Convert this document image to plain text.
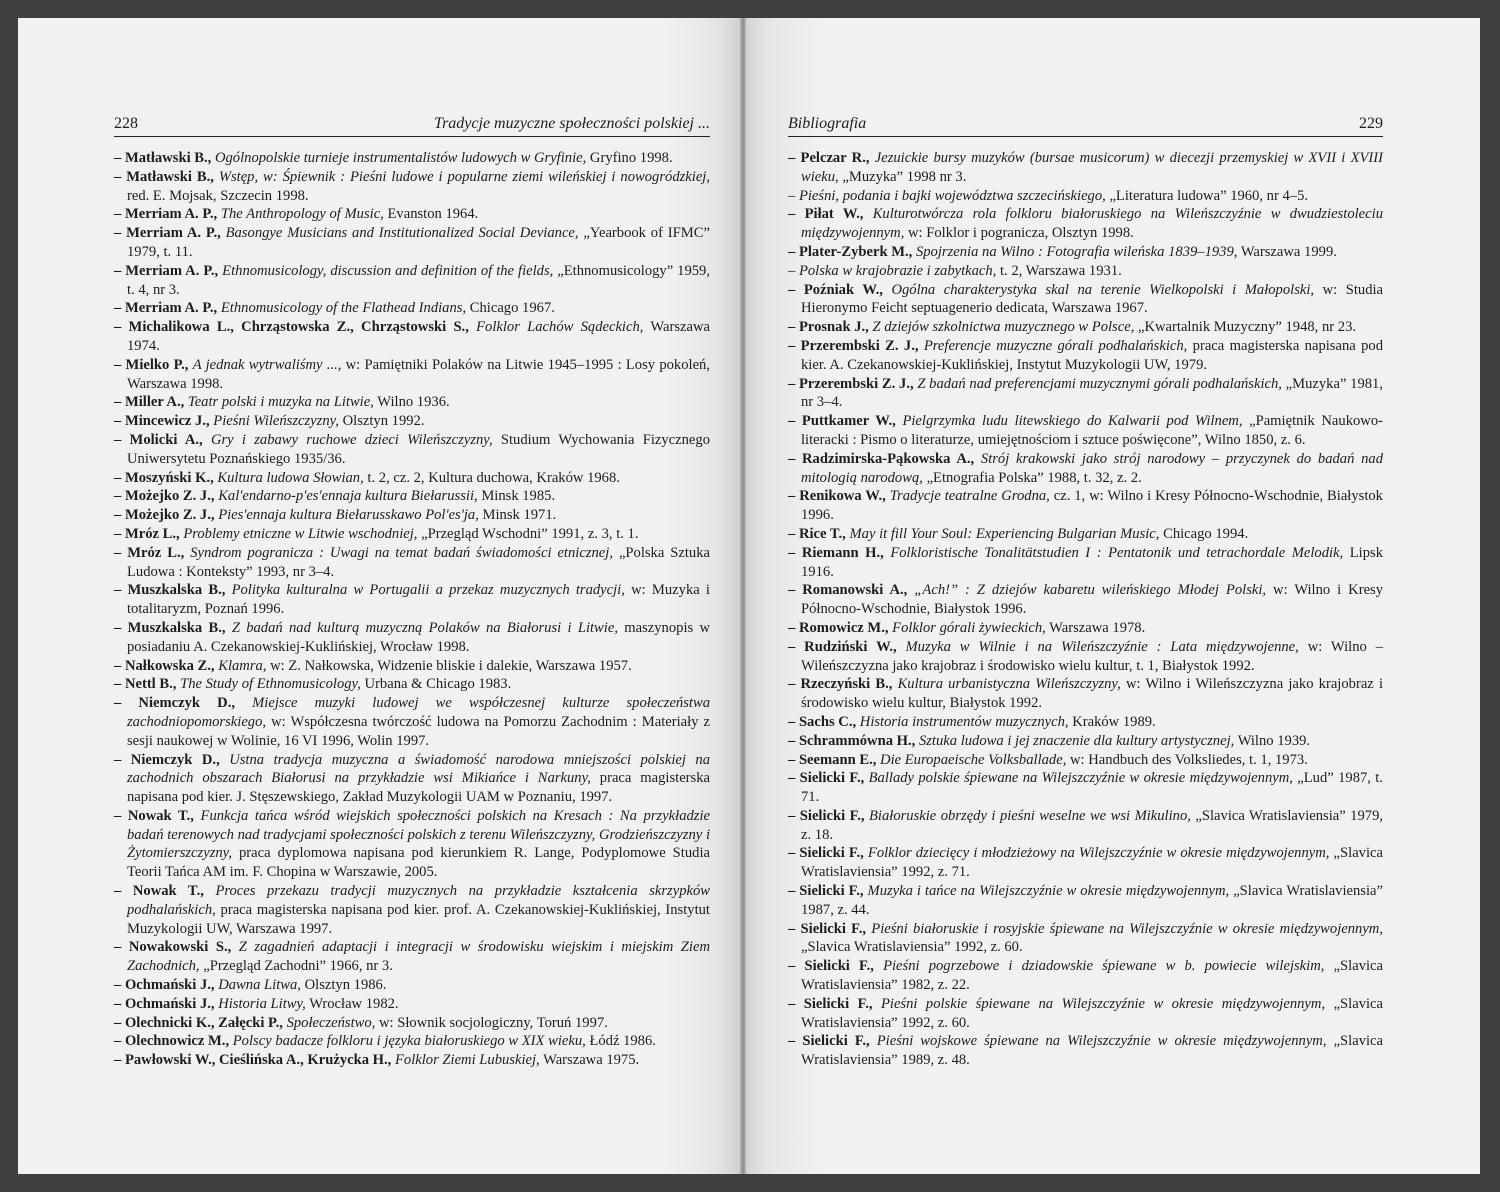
228	Tradycje muzyczne społeczności polskiej ...

– Matławski B., Ogólnopolskie turnieje instrumentalistów ludowych w Gryfinie, Gryfino 1998.

– Matławski B., Wstęp, w: Śpiewnik : Pieśni ludowe i popularne ziemi wileńskiej i nowogródzkiej, red. E. Mojsak, Szczecin 1998.

– Merriam A. P., The Anthropology of Music, Evanston 1964.

– Merriam A. P., Basongye Musicians and Institutionalized Social Deviance, „Yearbook of IFMC” 1979, t. 11.

– Merriam A. P., Ethnomusicology, discussion and definition of the fields, „Ethnomusicology” 1959, t. 4, nr 3.

– Merriam A. P., Ethnomusicology of the Flathead Indians, Chicago 1967.

– Michalikowa L., Chrząstowska Z., Chrząstowski S., Folklor Lachów Sądeckich, Warszawa 1974.

– Mielko P., A jednak wytrwaliśmy ..., w: Pamiętniki Polaków na Litwie 1945–1995 : Losy pokoleń, Warszawa 1998.

– Miller A., Teatr polski i muzyka na Litwie, Wilno 1936.

– Mincewicz J., Pieśni Wileńszczyzny, Olsztyn 1992.

– Molicki A., Gry i zabawy ruchowe dzieci Wileńszczyzny, Studium Wychowania Fizycznego Uniwersytetu Poznańskiego 1935/36.

– Moszyński K., Kultura ludowa Słowian, t. 2, cz. 2, Kultura duchowa, Kraków 1968.

– Możejko Z. J., Kal'endarno-p'es'ennaja kultura Biełarussii, Minsk 1985.

– Możejko Z. J., Pies'ennaja kultura Biełarusskawo Pol'es'ja, Minsk 1971.

– Mróz L., Problemy etniczne w Litwie wschodniej, „Przegląd Wschodni” 1991, z. 3, t. 1.

– Mróz L., Syndrom pogranicza : Uwagi na temat badań świadomości etnicznej, „Polska Sztuka Ludowa : Konteksty” 1993, nr 3–4.

– Muszkalska B., Polityka kulturalna w Portugalii a przekaz muzycznych tradycji, w: Muzyka i totalitaryzm, Poznań 1996.

– Muszkalska B., Z badań nad kulturą muzyczną Polaków na Białorusi i Litwie, maszynopis w posiadaniu A. Czekanowskiej-Kuklińskiej, Wrocław 1998.

– Nałkowska Z., Klamra, w: Z. Nałkowska, Widzenie bliskie i dalekie, Warszawa 1957.

– Nettl B., The Study of Ethnomusicology, Urbana & Chicago 1983.

– Niemczyk D., Miejsce muzyki ludowej we współczesnej kulturze społeczeństwa zachodniopomorskiego, w: Współczesna twórczość ludowa na Pomorzu Zachodnim : Materiały z sesji naukowej w Wolinie, 16 VI 1996, Wolin 1997.

– Niemczyk D., Ustna tradycja muzyczna a świadomość narodowa mniejszości polskiej na zachodnich obszarach Białorusi na przykładzie wsi Mikiańce i Narkuny, praca magisterska napisana pod kier. J. Stęszewskiego, Zakład Muzykologii UAM w Poznaniu, 1997.

– Nowak T., Funkcja tańca wśród wiejskich społeczności polskich na Kresach : Na przykładzie badań terenowych nad tradycjami społeczności polskich z terenu Wileńszczyzny, Grodzieńszczyzny i Żytomierszczyzny, praca dyplomowa napisana pod kierunkiem R. Lange, Podyplomowe Studia Teorii Tańca AM im. F. Chopina w Warszawie, 2005.

– Nowak T., Proces przekazu tradycji muzycznych na przykładzie kształcenia skrzypków podhalańskich, praca magisterska napisana pod kier. prof. A. Czekanowskiej-Kuklińskiej, Instytut Muzykologii UW, Warszawa 1997.

– Nowakowski S., Z zagadnień adaptacji i integracji w środowisku wiejskim i miejskim Ziem Zachodnich, „Przegląd Zachodni” 1966, nr 3.

– Ochmański J., Dawna Litwa, Olsztyn 1986.

– Ochmański J., Historia Litwy, Wrocław 1982.

– Olechnicki K., Załęcki P., Społeczeństwo, w: Słownik socjologiczny, Toruń 1997.

– Olechnowicz M., Polscy badacze folkloru i języka białoruskiego w XIX wieku, Łódź 1986.

– Pawłowski W., Cieślińska A., Krużycka H., Folklor Ziemi Lubuskiej, Warszawa 1975.

Bibliografia	229

– Pelczar R., Jezuickie bursy muzyków (bursae musicorum) w diecezji przemyskiej w XVII i XVIII wieku, „Muzyka” 1998 nr 3.

– Pieśni, podania i bajki województwa szczecińskiego, „Literatura ludowa” 1960, nr 4–5.

– Piłat W., Kulturotwórcza rola folkloru białoruskiego na Wileńszczyźnie w dwudziestoleciu międzywojennym, w: Folklor i pogranicza, Olsztyn 1998.

– Plater-Zyberk M., Spojrzenia na Wilno : Fotografia wileńska 1839–1939, Warszawa 1999.

– Polska w krajobrazie i zabytkach, t. 2, Warszawa 1931.

– Poźniak W., Ogólna charakterystyka skal na terenie Wielkopolski i Małopolski, w: Studia Hieronymo Feicht septuagenerio dedicata, Warszawa 1967.

– Prosnak J., Z dziejów szkolnictwa muzycznego w Polsce, „Kwartalnik Muzyczny” 1948, nr 23.

– Przerembski Z. J., Preferencje muzyczne górali podhalańskich, praca magisterska napisana pod kier. A. Czekanowskiej-Kuklińskiej, Instytut Muzykologii UW, 1979.

– Przerembski Z. J., Z badań nad preferencjami muzycznymi górali podhalańskich, „Muzyka” 1981, nr 3–4.

– Puttkamer W., Pielgrzymka ludu litewskiego do Kalwarii pod Wilnem, „Pamiętnik Naukowo-literacki : Pismo o literaturze, umiejętnościom i sztuce poświęcone”, Wilno 1850, z. 6.

– Radzimirska-Pąkowska A., Strój krakowski jako strój narodowy – przyczynek do badań nad mitologią narodową, „Etnografia Polska” 1988, t. 32, z. 2.

– Renikowa W., Tradycje teatralne Grodna, cz. 1, w: Wilno i Kresy Północno-Wschodnie, Białystok 1996.

– Rice T., May it fill Your Soul: Experiencing Bulgarian Music, Chicago 1994.

– Riemann H., Folkloristische Tonalitätstudien I : Pentatonik und tetrachordale Melodik, Lipsk 1916.

– Romanowski A., „Ach!” : Z dziejów kabaretu wileńskiego Młodej Polski, w: Wilno i Kresy Północno-Wschodnie, Białystok 1996.

– Romowicz M., Folklor górali żywieckich, Warszawa 1978.

– Rudziński W., Muzyka w Wilnie i na Wileńszczyźnie : Lata międzywojenne, w: Wilno – Wileńszczyzna jako krajobraz i środowisko wielu kultur, t. 1, Białystok 1992.

– Rzeczyński B., Kultura urbanistyczna Wileńszczyzny, w: Wilno i Wileńszczyzna jako krajobraz i środowisko wielu kultur, Białystok 1992.

– Sachs C., Historia instrumentów muzycznych, Kraków 1989.

– Schrammówna H., Sztuka ludowa i jej znaczenie dla kultury artystycznej, Wilno 1939.

– Seemann E., Die Europaeische Volksballade, w: Handbuch des Volksliedes, t. 1, 1973.

– Sielicki F., Ballady polskie śpiewane na Wilejszczyźnie w okresie międzywojennym, „Lud” 1987, t. 71.

– Sielicki F., Białoruskie obrzędy i pieśni weselne we wsi Mikulino, „Slavica Wratislaviensia” 1979, z. 18.

– Sielicki F., Folklor dziecięcy i młodzieżowy na Wilejszczyźnie w okresie międzywojennym, „Slavica Wratislaviensia” 1992, z. 71.

– Sielicki F., Muzyka i tańce na Wilejszczyźnie w okresie międzywojennym, „Slavica Wratislaviensia” 1987, z. 44.

– Sielicki F., Pieśni białoruskie i rosyjskie śpiewane na Wilejszczyźnie w okresie międzywojennym, „Slavica Wratislaviensia” 1992, z. 60.

– Sielicki F., Pieśni pogrzebowe i dziadowskie śpiewane w b. powiecie wilejskim, „Slavica Wratislaviensia” 1982, z. 22.

– Sielicki F., Pieśni polskie śpiewane na Wilejszczyźnie w okresie międzywojennym, „Slavica Wratislaviensia” 1992, z. 60.

– Sielicki F., Pieśni wojskowe śpiewane na Wilejszczyźnie w okresie międzywojennym, „Slavica Wratislaviensia” 1989, z. 48.
